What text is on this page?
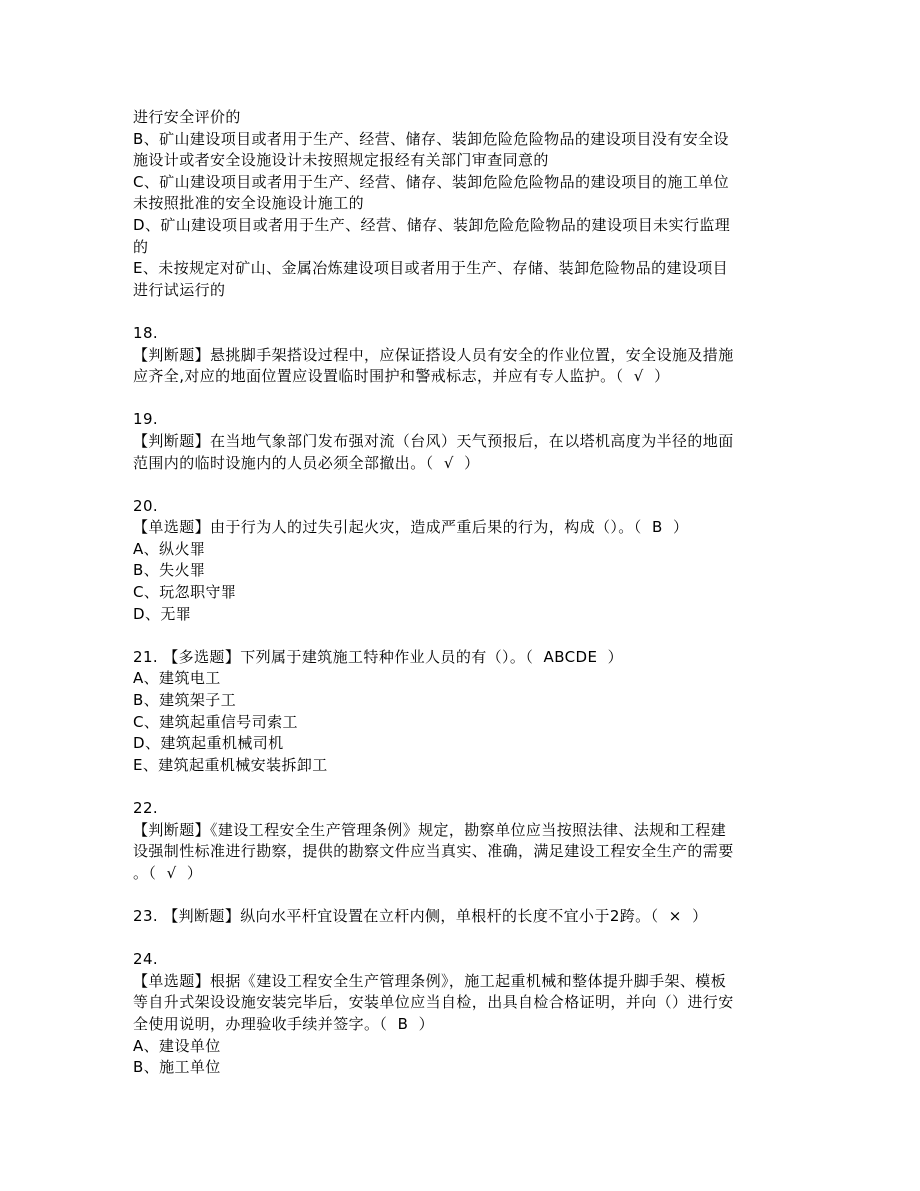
进行安全评价的
B、矿山建设项目或者用于生产、经营、储存、装卸危险危险物品的建设项目没有安全设
施设计或者安全设施设计未按照规定报经有关部门审查同意的
C、矿山建设项目或者用于生产、经营、储存、装卸危险危险物品的建设项目的施工单位
未按照批准的安全设施设计施工的
D、矿山建设项目或者用于生产、经营、储存、装卸危险危险物品的建设项目未实行监理
的
E、未按规定对矿山、金属冶炼建设项目或者用于生产、存储、装卸危险物品的建设项目
进行试运行的
18.
【判断题】悬挑脚手架搭设过程中，应保证搭设人员有安全的作业位置，安全设施及措施
应齐全,对应的地面位置应设置临时围护和警戒标志，并应有专人监护。（  √  ）
19.
【判断题】在当地气象部门发布强对流（台风）天气预报后，在以塔机高度为半径的地面
范围内的临时设施内的人员必须全部撤出。（  √  ）
20.
【单选题】由于行为人的过失引起火灾，造成严重后果的行为，构成（）。（  B  ）
A、纵火罪
B、失火罪
C、玩忽职守罪
D、无罪
21. 【多选题】下列属于建筑施工特种作业人员的有（）。（  ABCDE  ）
A、建筑电工
B、建筑架子工
C、建筑起重信号司索工
D、建筑起重机械司机
E、建筑起重机械安装拆卸工
22.
【判断题】《建设工程安全生产管理条例》规定，勘察单位应当按照法律、法规和工程建
设强制性标准进行勘察，提供的勘察文件应当真实、准确，满足建设工程安全生产的需要
。（  √  ）
23. 【判断题】纵向水平杆宜设置在立杆内侧，单根杆的长度不宜小于2跨。（  ×  ）
24.
【单选题】根据《建设工程安全生产管理条例》，施工起重机械和整体提升脚手架、模板
等自升式架设设施安装完毕后，安装单位应当自检，出具自检合格证明，并向（）进行安
全使用说明，办理验收手续并签字。（  B  ）
A、建设单位
B、施工单位
